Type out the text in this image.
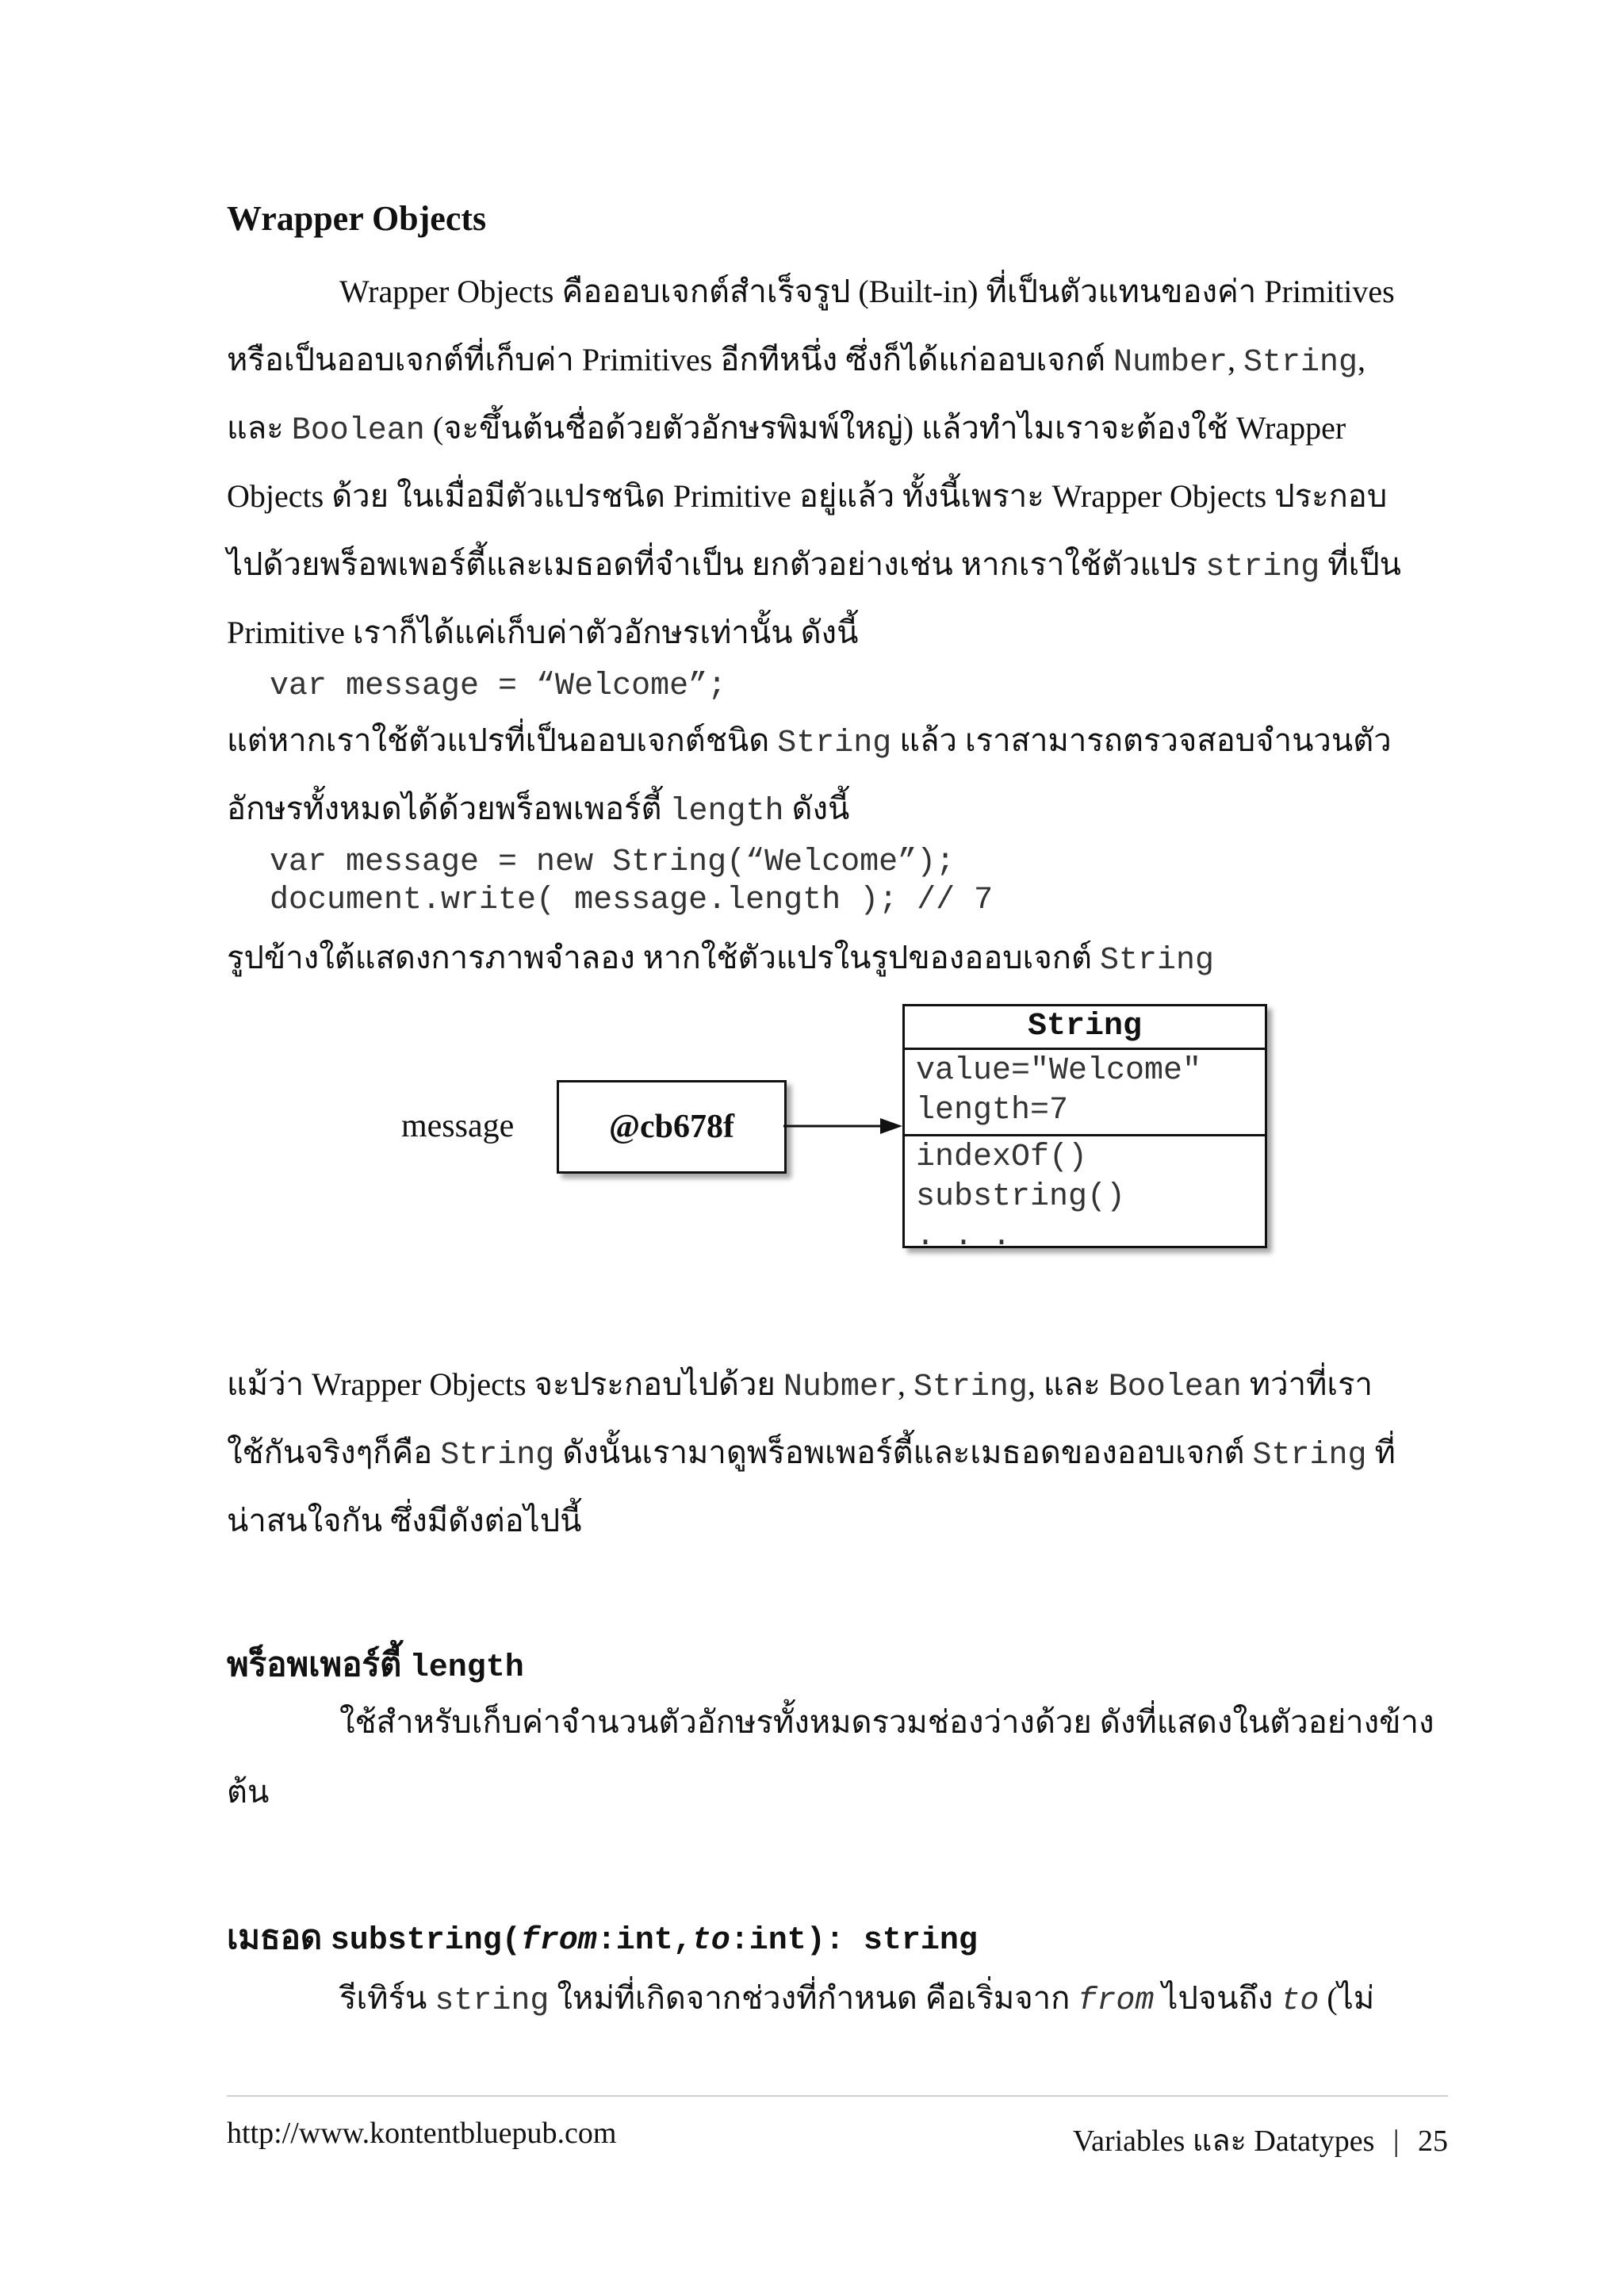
Wrapper Objects
Wrapper Objects คือออบเจกต์สำเร็จรูป (Built-in) ที่เป็นตัวแทนของค่า Primitives
หรือเป็นออบเจกต์ที่เก็บค่า Primitives อีกทีหนึ่ง ซึ่งก็ได้แก่ออบเจกต์ Number, String,
และ Boolean (จะขึ้นต้นชื่อด้วยตัวอักษรพิมพ์ใหญ่) แล้วทำไมเราจะต้องใช้ Wrapper
Objects ด้วย ในเมื่อมีตัวแปรชนิด Primitive อยู่แล้ว ทั้งนี้เพราะ Wrapper Objects ประกอบ
ไปด้วยพร็อพเพอร์ตี้และเมธอดที่จำเป็น ยกตัวอย่างเช่น หากเราใช้ตัวแปร string ที่เป็น
Primitive เราก็ได้แค่เก็บค่าตัวอักษรเท่านั้น ดังนี้
var message = “Welcome”;
แต่หากเราใช้ตัวแปรที่เป็นออบเจกต์ชนิด String แล้ว เราสามารถตรวจสอบจำนวนตัว
อักษรทั้งหมดได้ด้วยพร็อพเพอร์ตี้ length ดังนี้
var message = new String(“Welcome”);
document.write( message.length ); // 7
รูปข้างใต้แสดงการภาพจำลอง หากใช้ตัวแปรในรูปของออบเจกต์ String
message	@cb678f
String
value="Welcome"
length=7
indexOf()
substring()
. . .
แม้ว่า Wrapper Objects จะประกอบไปด้วย Nubmer, String, และ Boolean ทว่าที่เรา
ใช้กันจริงๆก็คือ String ดังนั้นเรามาดูพร็อพเพอร์ตี้และเมธอดของออบเจกต์ String ที่
น่าสนใจกัน ซึ่งมีดังต่อไปนี้
พร็อพเพอร์ตี้ length
ใช้สำหรับเก็บค่าจำนวนตัวอักษรทั้งหมดรวมช่องว่างด้วย ดังที่แสดงในตัวอย่างข้าง
ต้น
เมธอด substring(from:int,to:int): string
รีเทิร์น string ใหม่ที่เกิดจากช่วงที่กำหนด คือเริ่มจาก from ไปจนถึง to (ไม่
http://www.kontentbluepub.com	Variables และ Datatypes | 25
